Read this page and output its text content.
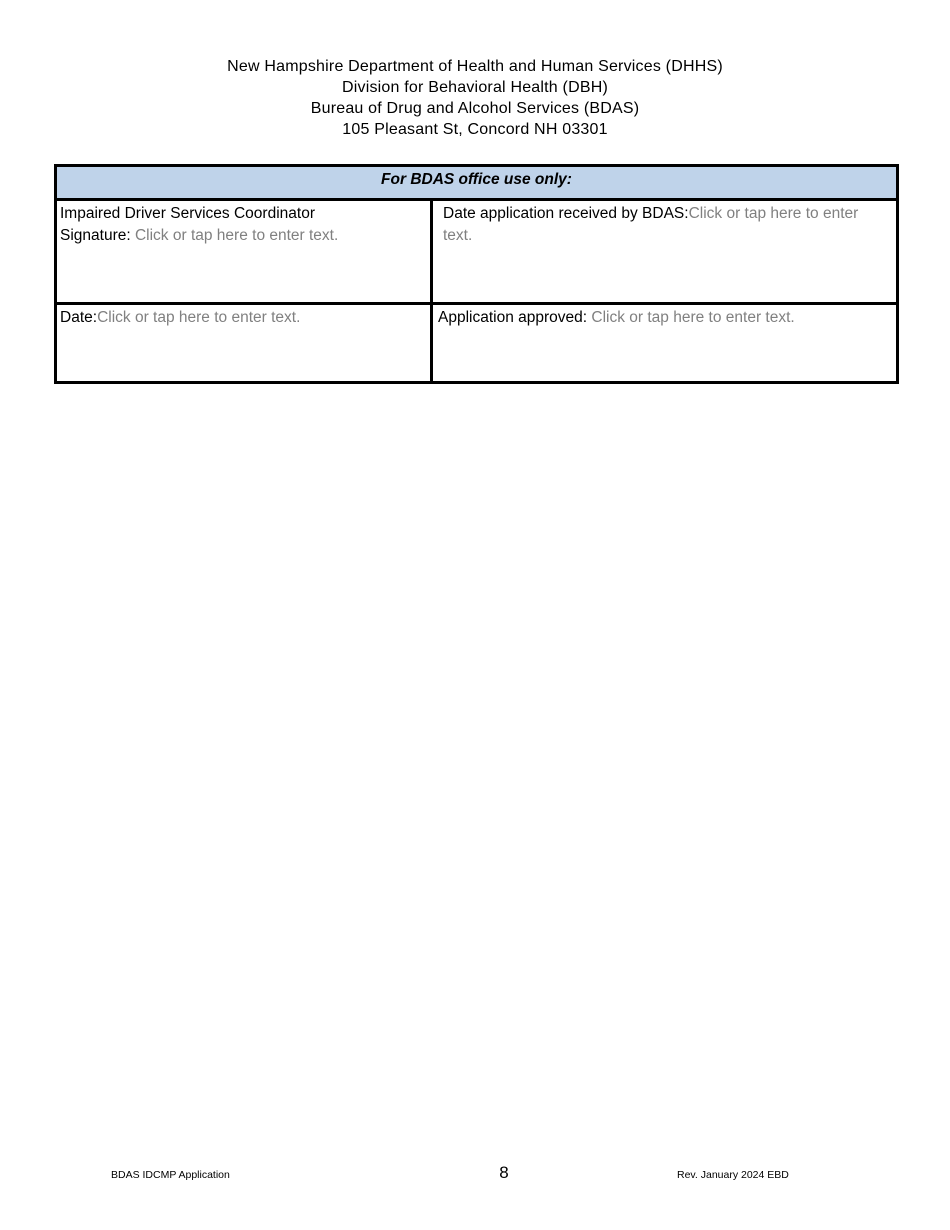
New Hampshire Department of Health and Human Services (DHHS)
Division for Behavioral Health (DBH)
Bureau of Drug and Alcohol Services (BDAS)
105 Pleasant St, Concord NH 03301
For BDAS office use only:	

Impaired Driver Services Coordinator
Signature: Click or tap here to enter text.	Date application received by BDAS:Click or tap here to enter text.

Date:Click or tap here to enter text.	Application approved: Click or tap here to enter text.
BDAS IDCMP Application	8	Rev. January 2024 EBD
